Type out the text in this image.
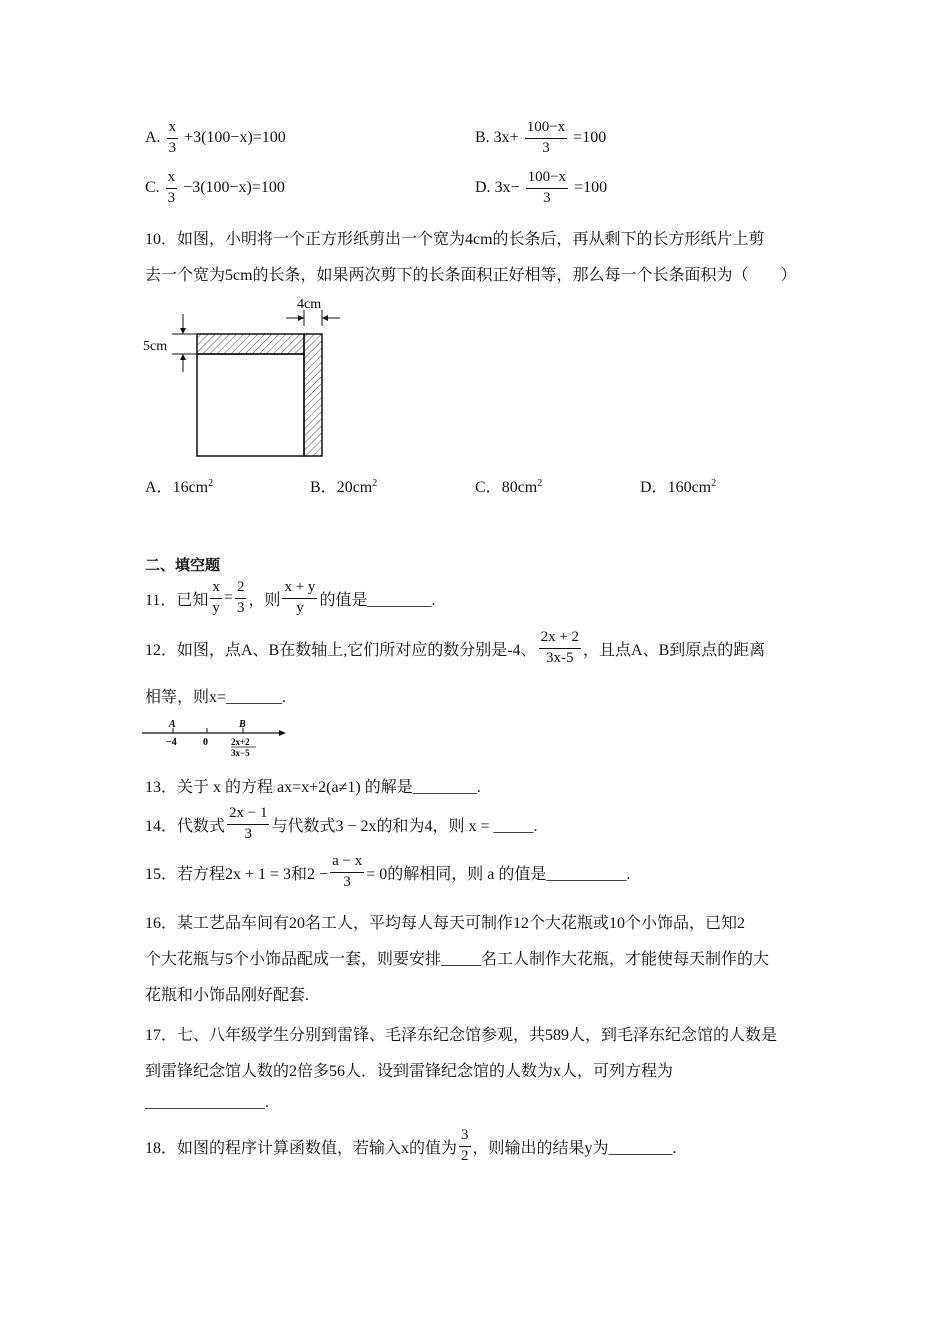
A. $\frac{x}{3} +3(100-x)=100$	B. $3x+ \frac{100-x}{3} =100$
C. $\frac{x}{3} -3(100-x)=100$	D. $3x- \frac{100-x}{3} =100$
10．如图，小明将一个正方形纸剪出一个宽为4cm的长条后，再从剩下的长方形纸片上剪
去一个宽为5cm的长条，如果两次剪下的长条面积正好相等，那么每一个长条面积为（　　）
4cm
5cm
A．$16cm^2$	B．$20cm^2$	C．$80cm^2$	D．$160cm^2$
二、填空题
11．已知 $\frac{x}{y} = \frac{2}{3}$ ，则 $\frac{x + y}{y}$ 的值是________.
12．如图，点A、B在数轴上,它们所对应的数分别是-4、 $\frac{2x + 2}{3x-5}$ ，且点A、B到原点的距离
相等，则x=_______.
A	B
−4	0	2x+2
3x−5
13．关于 x 的方程 ax=x+2(a≠1) 的解是________.
14．代数式 $\frac{2x - 1}{3}$ 与代数式3 − 2x的和为4，则 x = _____.
15．若方程2x + 1 = 3和$2 - \frac{a - x}{3} = 0$的解相同，则 a 的值是__________.
16．某工艺品车间有20名工人，平均每人每天可制作12个大花瓶或10个小饰品，已知2
个大花瓶与5个小饰品配成一套，则要安排_____名工人制作大花瓶，才能使每天制作的大
花瓶和小饰品刚好配套.
17．七、八年级学生分别到雷锋、毛泽东纪念馆参观，共589人，到毛泽东纪念馆的人数是
到雷锋纪念馆人数的2倍多56人．设到雷锋纪念馆的人数为x人，可列方程为
_______________.
18．如图的程序计算函数值，若输入x的值为 $\frac{3}{2}$ ，则输出的结果y为________.
